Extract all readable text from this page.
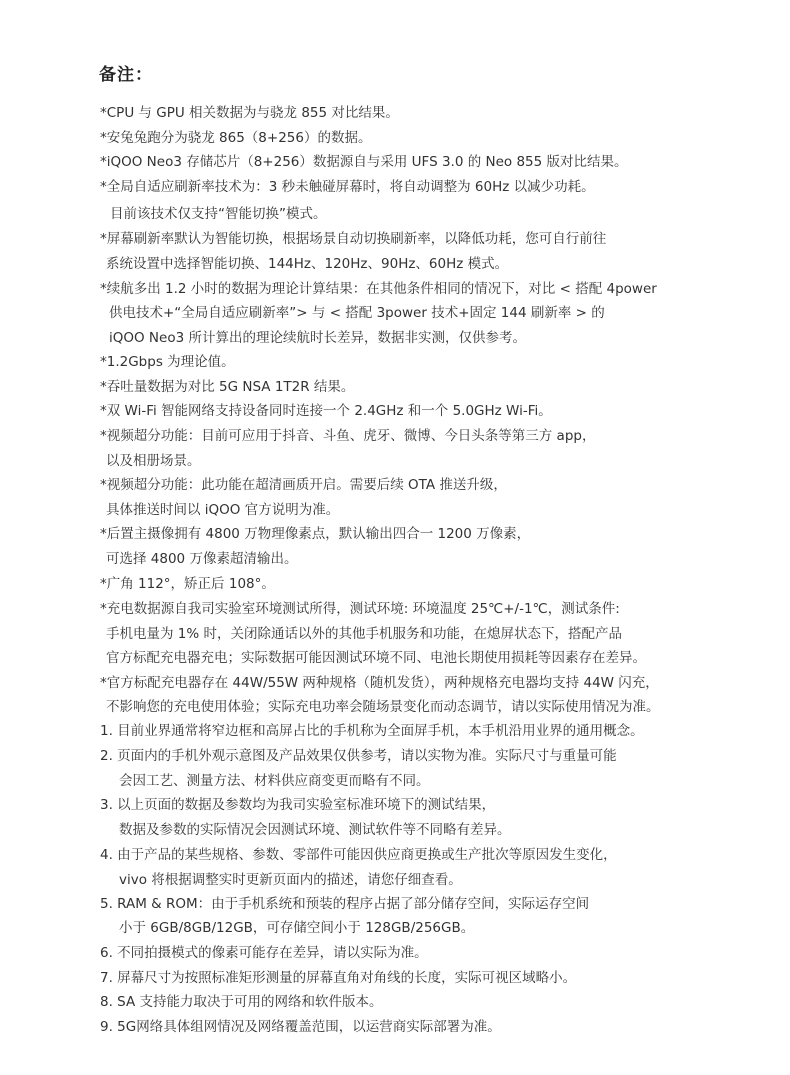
备注：
*CPU 与 GPU 相关数据为与骁龙 855 对比结果。
*安兔兔跑分为骁龙 865（8+256）的数据。
*iQOO Neo3 存储芯片（8+256）数据源自与采用 UFS 3.0 的 Neo 855 版对比结果。
*全局自适应刷新率技术为：3 秒未触碰屏幕时，将自动调整为 60Hz 以减少功耗。
目前该技术仅支持“智能切换”模式。
*屏幕刷新率默认为智能切换，根据场景自动切换刷新率，以降低功耗，您可自行前往
系统设置中选择智能切换、144Hz、120Hz、90Hz、60Hz 模式。
*续航多出 1.2 小时的数据为理论计算结果：在其他条件相同的情况下，对比 < 搭配 4power
供电技术+“全局自适应刷新率”> 与 < 搭配 3power 技术+固定 144 刷新率 > 的
iQOO Neo3 所计算出的理论续航时长差异，数据非实测，仅供参考。
*1.2Gbps 为理论值。
*吞吐量数据为对比 5G NSA 1T2R 结果。
*双 Wi-Fi 智能网络支持设备同时连接一个 2.4GHz 和一个 5.0GHz Wi-Fi。
*视频超分功能：目前可应用于抖音、斗鱼、虎牙、微博、今日头条等第三方 app，
以及相册场景。
*视频超分功能：此功能在超清画质开启。需要后续 OTA 推送升级，
具体推送时间以 iQOO 官方说明为准。
*后置主摄像拥有 4800 万物理像素点，默认输出四合一 1200 万像素，
可选择 4800 万像素超清输出。
*广角 112°，矫正后 108°。
*充电数据源自我司实验室环境测试所得，测试环境: 环境温度 25℃+/-1℃，测试条件:
手机电量为 1% 时，关闭除通话以外的其他手机服务和功能，在熄屏状态下，搭配产品
官方标配充电器充电；实际数据可能因测试环境不同、电池长期使用损耗等因素存在差异。
*官方标配充电器存在 44W/55W 两种规格（随机发货），两种规格充电器均支持 44W 闪充，
不影响您的充电使用体验；实际充电功率会随场景变化而动态调节，请以实际使用情况为准。
1. 目前业界通常将窄边框和高屏占比的手机称为全面屏手机，本手机沿用业界的通用概念。
2. 页面内的手机外观示意图及产品效果仅供参考，请以实物为准。实际尺寸与重量可能
会因工艺、测量方法、材料供应商变更而略有不同。
3. 以上页面的数据及参数均为我司实验室标准环境下的测试结果，
数据及参数的实际情况会因测试环境、测试软件等不同略有差异。
4. 由于产品的某些规格、参数、零部件可能因供应商更换或生产批次等原因发生变化，
vivo 将根据调整实时更新页面内的描述，请您仔细查看。
5. RAM & ROM：由于手机系统和预装的程序占据了部分储存空间，实际运存空间
小于 6GB/8GB/12GB，可存储空间小于 128GB/256GB。
6. 不同拍摄模式的像素可能存在差异，请以实际为准。
7. 屏幕尺寸为按照标准矩形测量的屏幕直角对角线的长度，实际可视区域略小。
8. SA 支持能力取决于可用的网络和软件版本。
9. 5G网络具体组网情况及网络覆盖范围，以运营商实际部署为准。
